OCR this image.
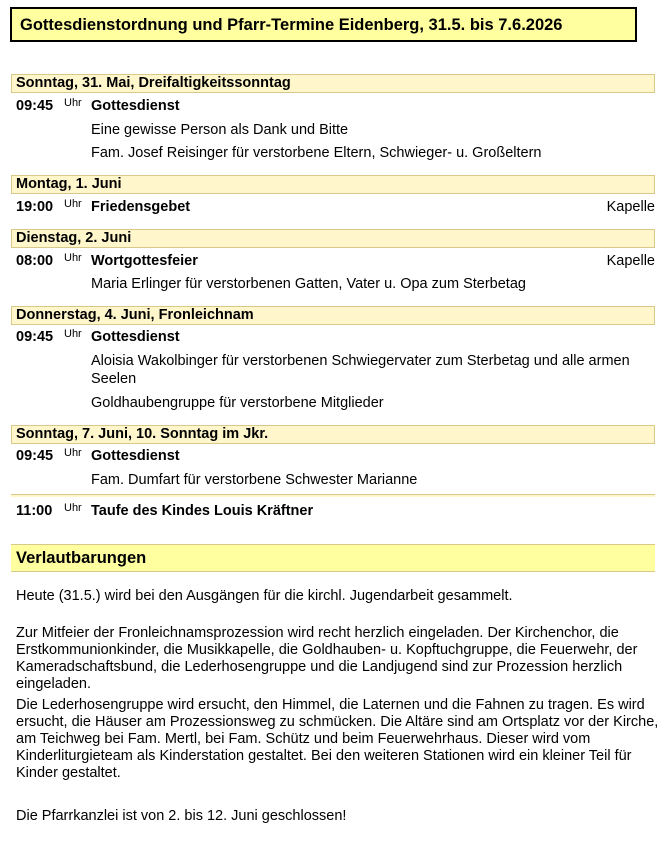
Gottesdienstordnung und Pfarr-Termine Eidenberg, 31.5. bis 7.6.2026
Sonntag, 31. Mai, Dreifaltigkeitssonntag
09:45 Uhr Gottesdienst
Eine gewisse Person als Dank und Bitte
Fam. Josef Reisinger für verstorbene Eltern, Schwieger- u. Großeltern
Montag, 1. Juni
19:00 Uhr Friedensgebet	Kapelle
Dienstag, 2. Juni
08:00 Uhr Wortgottesfeier	Kapelle
Maria Erlinger für verstorbenen Gatten, Vater u. Opa zum Sterbetag
Donnerstag, 4. Juni, Fronleichnam
09:45 Uhr Gottesdienst
Aloisia Wakolbinger für verstorbenen Schwiegervater zum Sterbetag und alle armen Seelen
Goldhaubengruppe für verstorbene Mitglieder
Sonntag, 7. Juni, 10. Sonntag im Jkr.
09:45 Uhr Gottesdienst
Fam. Dumfart für verstorbene Schwester Marianne
11:00 Uhr Taufe des Kindes Louis Kräftner
Verlautbarungen
Heute (31.5.) wird bei den Ausgängen für die kirchl. Jugendarbeit gesammelt.
Zur Mitfeier der Fronleichnamsprozession wird recht herzlich eingeladen. Der Kirchenchor, die Erstkommunionkinder, die Musikkapelle, die Goldhauben- u. Kopftuchgruppe, die Feuerwehr, der Kameradschaftsbund, die Lederhosengruppe und die Landjugend sind zur Prozession herzlich eingeladen.
Die Lederhosengruppe wird ersucht, den Himmel, die Laternen und die Fahnen zu tragen. Es wird ersucht, die Häuser am Prozessionsweg zu schmücken. Die Altäre sind am Ortsplatz vor der Kirche, am Teichweg bei Fam. Mertl, bei Fam. Schütz und beim Feuerwehrhaus. Dieser wird vom Kinderliturgieteam als Kinderstation gestaltet. Bei den weiteren Stationen wird ein kleiner Teil für Kinder gestaltet.
Die Pfarrkanzlei ist von 2. bis 12. Juni geschlossen!
